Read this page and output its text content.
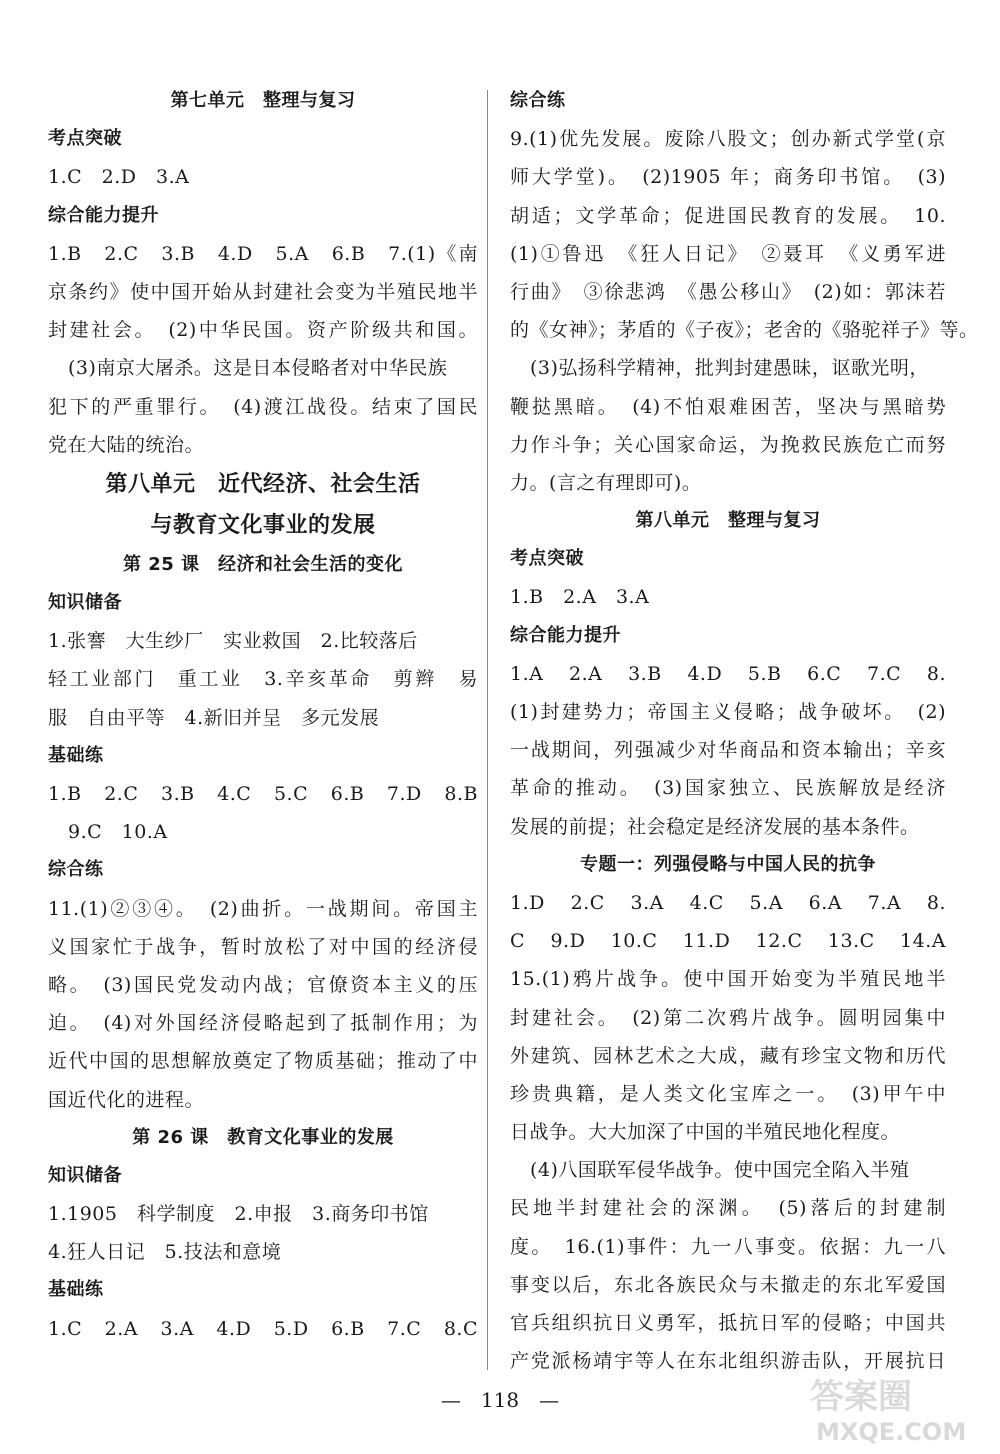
第七单元　整理与复习
考点突破
1.C　2.D　3.A
综合能力提升
1.B　2.C　3.B　4.D　5.A　6.B　7.(1)《南
京条约》使中国开始从封建社会变为半殖民地半
封建社会。　(2)中华民国。资产阶级共和国。
(3)南京大屠杀。这是日本侵略者对中华民族
犯下的严重罪行。　(4)渡江战役。结束了国民
党在大陆的统治。
第八单元　近代经济、社会生活
与教育文化事业的发展
第 25 课　经济和社会生活的变化
知识储备
1.张謇　大生纱厂　实业救国　2.比较落后
轻工业部门　重工业　3.辛亥革命　剪辫　易
服　自由平等　4.新旧并呈　多元发展
基础练
1.B　2.C　3.B　4.C　5.C　6.B　7.D　8.B
9.C　10.A
综合练
11.(1)②③④。　(2)曲折。一战期间。帝国主
义国家忙于战争，暂时放松了对中国的经济侵
略。　(3)国民党发动内战；官僚资本主义的压
迫。　(4)对外国经济侵略起到了抵制作用；为
近代中国的思想解放奠定了物质基础；推动了中
国近代化的进程。
第 26 课　教育文化事业的发展
知识储备
1.1905　科学制度　2.申报　3.商务印书馆
4.狂人日记　5.技法和意境
基础练
1.C　2.A　3.A　4.D　5.D　6.B　7.C　8.C
综合练
9.(1)优先发展。废除八股文；创办新式学堂(京
师大学堂)。　(2)1905 年；商务印书馆。　(3)
胡适；文学革命；促进国民教育的发展。　10.
(1)①鲁迅　《狂人日记》　②聂耳　《义勇军进
行曲》　③徐悲鸿　《愚公移山》　(2)如：郭沫若
的《女神》；茅盾的《子夜》；老舍的《骆驼祥子》等。
(3)弘扬科学精神，批判封建愚昧，讴歌光明，
鞭挞黑暗。　(4)不怕艰难困苦，坚决与黑暗势
力作斗争；关心国家命运，为挽救民族危亡而努
力。(言之有理即可)。
第八单元　整理与复习
考点突破
1.B　2.A　3.A
综合能力提升
1.A　2.A　3.B　4.D　5.B　6.C　7.C　8.
(1)封建势力；帝国主义侵略；战争破坏。　(2)
一战期间，列强减少对华商品和资本输出；辛亥
革命的推动。　(3)国家独立、民族解放是经济
发展的前提；社会稳定是经济发展的基本条件。
专题一：列强侵略与中国人民的抗争
1.D　2.C　3.A　4.C　5.A　6.A　7.A　8.
C　9.D　10.C　11.D　12.C　13.C　14.A
15.(1)鸦片战争。使中国开始变为半殖民地半
封建社会。　(2)第二次鸦片战争。圆明园集中
外建筑、园林艺术之大成，藏有珍宝文物和历代
珍贵典籍，是人类文化宝库之一。　(3)甲午中
日战争。大大加深了中国的半殖民地化程度。
(4)八国联军侵华战争。使中国完全陷入半殖
民地半封建社会的深渊。　(5)落后的封建制
度。　16.(1)事件：九一八事变。依据：九一八
事变以后，东北各族民众与未撤走的东北军爱国
官兵组织抗日义勇军，抵抗日军的侵略；中国共
产党派杨靖宇等人在东北组织游击队，开展抗日
—　118　—	答案圈
MXQE.COM
